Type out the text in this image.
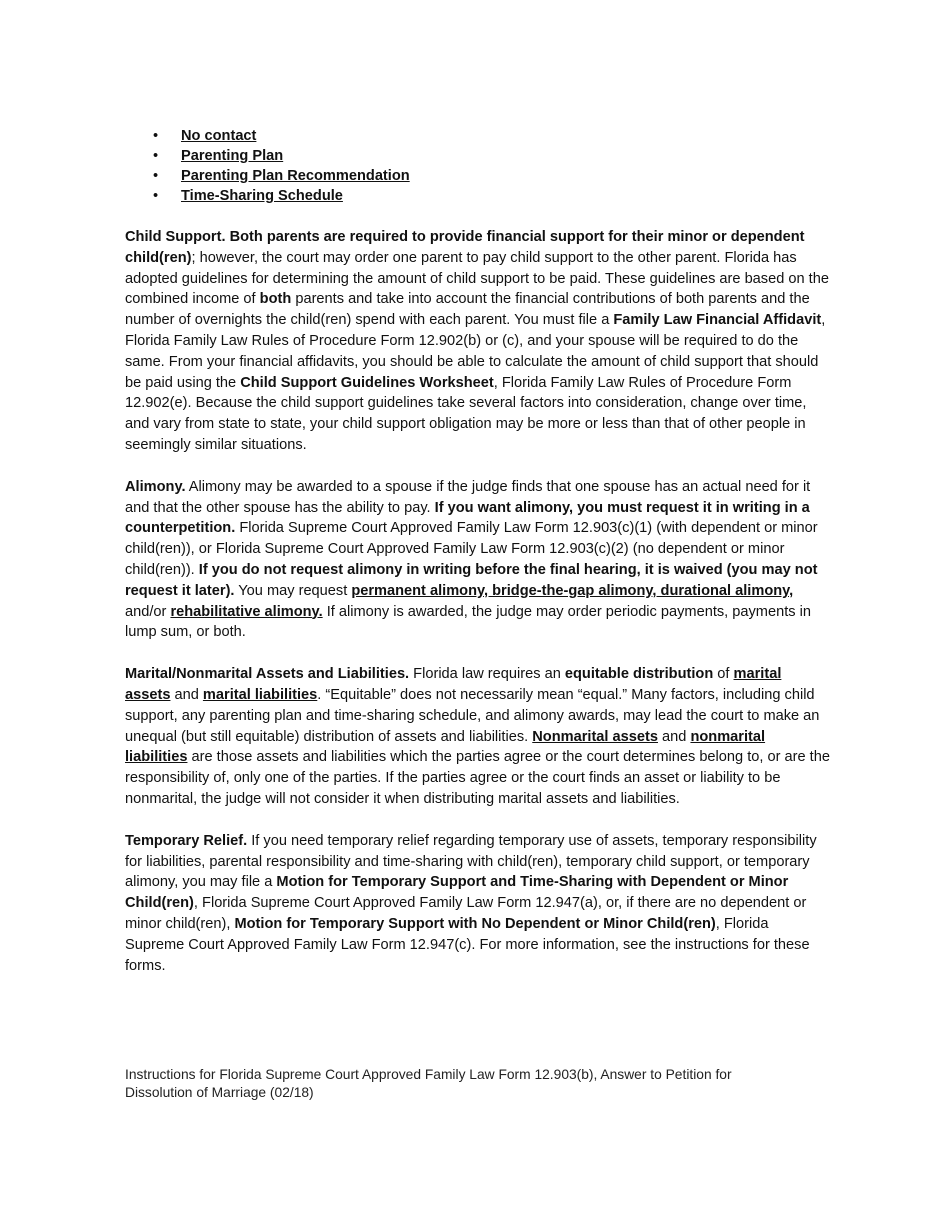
• No contact
• Parenting Plan
• Parenting Plan Recommendation
• Time-Sharing Schedule

Child Support. Both parents are required to provide financial support for their minor or dependent child(ren); however, the court may order one parent to pay child support to the other parent. Florida has adopted guidelines for determining the amount of child support to be paid. These guidelines are based on the combined income of both parents and take into account the financial contributions of both parents and the number of overnights the child(ren) spend with each parent. You must file a Family Law Financial Affidavit, Florida Family Law Rules of Procedure Form 12.902(b) or (c), and your spouse will be required to do the same. From your financial affidavits, you should be able to calculate the amount of child support that should be paid using the Child Support Guidelines Worksheet, Florida Family Law Rules of Procedure Form 12.902(e). Because the child support guidelines take several factors into consideration, change over time, and vary from state to state, your child support obligation may be more or less than that of other people in seemingly similar situations.

Alimony. Alimony may be awarded to a spouse if the judge finds that one spouse has an actual need for it and that the other spouse has the ability to pay. If you want alimony, you must request it in writing in a counterpetition. Florida Supreme Court Approved Family Law Form 12.903(c)(1) (with dependent or minor child(ren)), or Florida Supreme Court Approved Family Law Form 12.903(c)(2) (no dependent or minor child(ren)). If you do not request alimony in writing before the final hearing, it is waived (you may not request it later). You may request permanent alimony, bridge-the-gap alimony, durational alimony, and/or rehabilitative alimony. If alimony is awarded, the judge may order periodic payments, payments in lump sum, or both.

Marital/Nonmarital Assets and Liabilities. Florida law requires an equitable distribution of marital assets and marital liabilities. “Equitable” does not necessarily mean “equal.” Many factors, including child support, any parenting plan and time-sharing schedule, and alimony awards, may lead the court to make an unequal (but still equitable) distribution of assets and liabilities. Nonmarital assets and nonmarital liabilities are those assets and liabilities which the parties agree or the court determines belong to, or are the responsibility of, only one of the parties. If the parties agree or the court finds an asset or liability to be nonmarital, the judge will not consider it when distributing marital assets and liabilities.

Temporary Relief. If you need temporary relief regarding temporary use of assets, temporary responsibility for liabilities, parental responsibility and time-sharing with child(ren), temporary child support, or temporary alimony, you may file a Motion for Temporary Support and Time-Sharing with Dependent or Minor Child(ren), Florida Supreme Court Approved Family Law Form 12.947(a), or, if there are no dependent or minor child(ren), Motion for Temporary Support with No Dependent or Minor Child(ren), Florida Supreme Court Approved Family Law Form 12.947(c). For more information, see the instructions for these forms.

Instructions for Florida Supreme Court Approved Family Law Form 12.903(b), Answer to Petition for
Dissolution of Marriage (02/18)
